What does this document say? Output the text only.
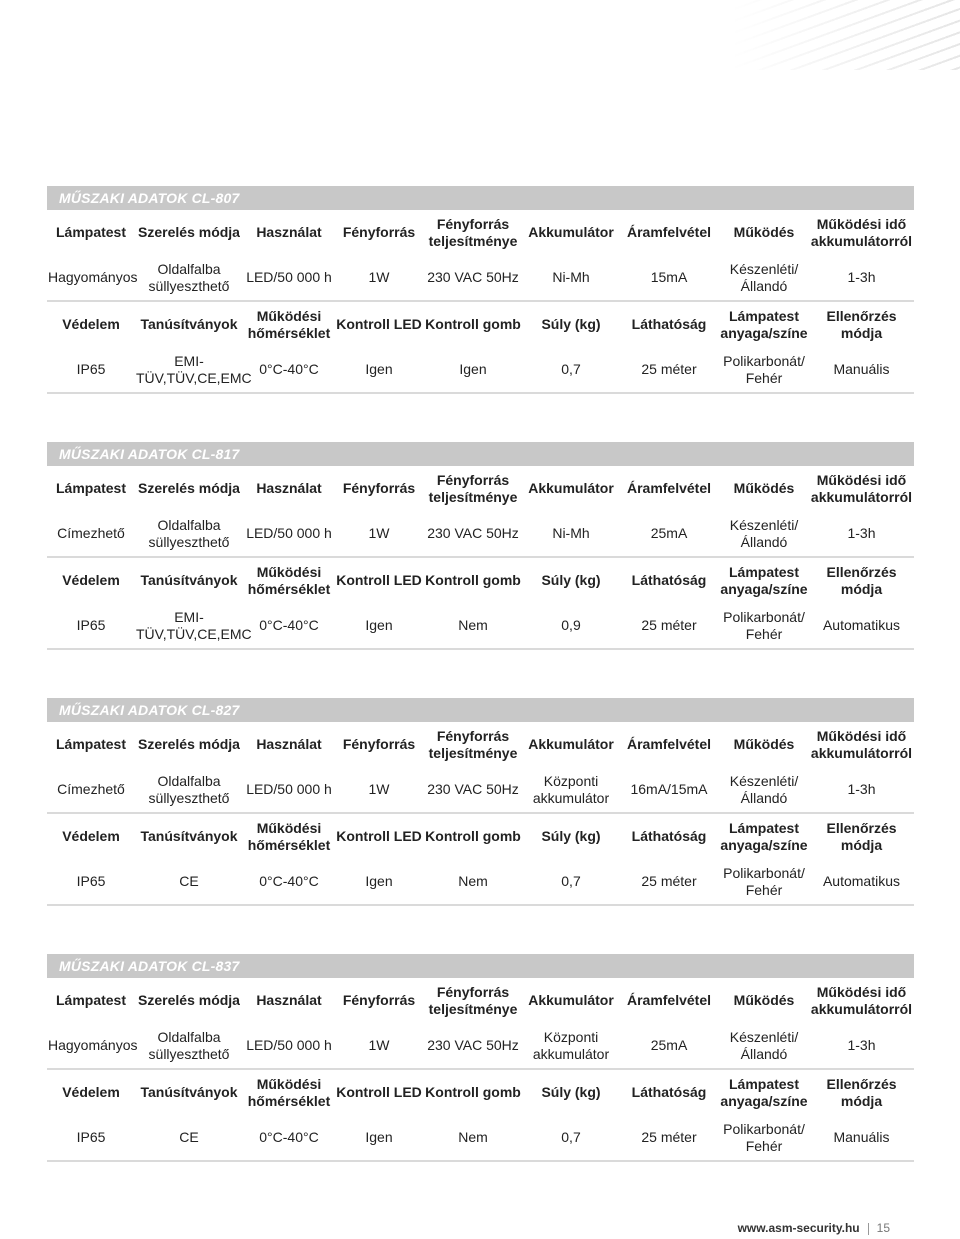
MŰSZAKI ADATOK CL-807
Lámpatest	Szerelés módja	Használat	Fényforrás	Fényforrás teljesítménye	Akkumulátor	Áramfelvétel	Működés	Működési idő akkumulátorról
Hagyományos	Oldalfalba süllyeszthető	LED/50 000 h	1W	230 VAC 50Hz	Ni-Mh	15mA	Készenléti/ Állandó	1-3h
Védelem	Tanúsítványok	Működési hőmérséklet	Kontroll LED	Kontroll gomb	Súly (kg)	Láthatóság	Lámpatest anyaga/színe	Ellenőrzés módja
IP65	EMI- TÜV,TÜV,CE,EMC	0°C-40°C	Igen	Igen	0,7	25 méter	Polikarbonát/ Fehér	Manuális
MŰSZAKI ADATOK CL-817
Lámpatest	Szerelés módja	Használat	Fényforrás	Fényforrás teljesítménye	Akkumulátor	Áramfelvétel	Működés	Működési idő akkumulátorról
Címezhető	Oldalfalba süllyeszthető	LED/50 000 h	1W	230 VAC 50Hz	Ni-Mh	25mA	Készenléti/ Állandó	1-3h
Védelem	Tanúsítványok	Működési hőmérséklet	Kontroll LED	Kontroll gomb	Súly (kg)	Láthatóság	Lámpatest anyaga/színe	Ellenőrzés módja
IP65	EMI- TÜV,TÜV,CE,EMC	0°C-40°C	Igen	Nem	0,9	25 méter	Polikarbonát/ Fehér	Automatikus
MŰSZAKI ADATOK CL-827
Lámpatest	Szerelés módja	Használat	Fényforrás	Fényforrás teljesítménye	Akkumulátor	Áramfelvétel	Működés	Működési idő akkumulátorról
Címezhető	Oldalfalba süllyeszthető	LED/50 000 h	1W	230 VAC 50Hz	Központi akkumulátor	16mA/15mA	Készenléti/ Állandó	1-3h
Védelem	Tanúsítványok	Működési hőmérséklet	Kontroll LED	Kontroll gomb	Súly (kg)	Láthatóság	Lámpatest anyaga/színe	Ellenőrzés módja
IP65	CE	0°C-40°C	Igen	Nem	0,7	25 méter	Polikarbonát/ Fehér	Automatikus
MŰSZAKI ADATOK CL-837
Lámpatest	Szerelés módja	Használat	Fényforrás	Fényforrás teljesítménye	Akkumulátor	Áramfelvétel	Működés	Működési idő akkumulátorról
Hagyományos	Oldalfalba süllyeszthető	LED/50 000 h	1W	230 VAC 50Hz	Központi akkumulátor	25mA	Készenléti/ Állandó	1-3h
Védelem	Tanúsítványok	Működési hőmérséklet	Kontroll LED	Kontroll gomb	Súly (kg)	Láthatóság	Lámpatest anyaga/színe	Ellenőrzés módja
IP65	CE	0°C-40°C	Igen	Nem	0,7	25 méter	Polikarbonát/ Fehér	Manuális
www.asm-security.hu 15
